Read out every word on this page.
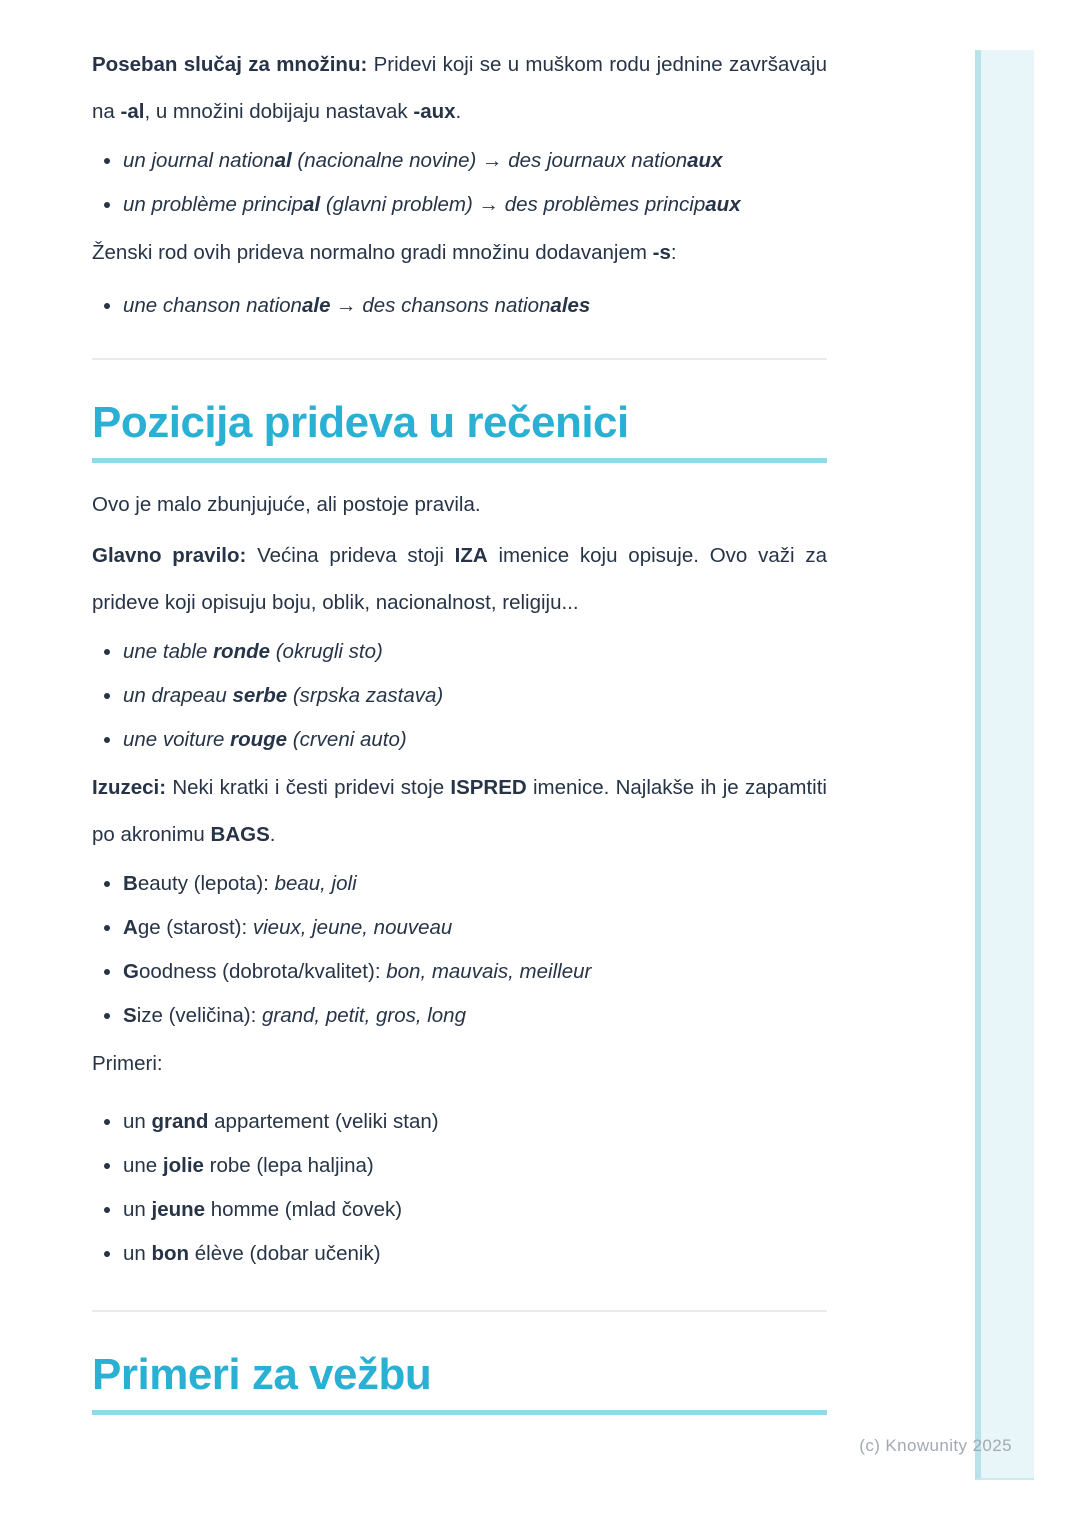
(c) Knowunity 2025

Poseban slučaj za množinu: Pridevi koji se u muškom rodu jednine završavaju na -al, u množini dobijaju nastavak -aux.

un journal national (nacionalne novine) → des journaux nationaux
un problème principal (glavni problem) → des problèmes principaux

Ženski rod ovih prideva normalno gradi množinu dodavanjem -s:

une chanson nationale → des chansons nationales
Pozicija prideva u rečenici

Ovo je malo zbunjujuće, ali postoje pravila.

Glavno pravilo: Većina prideva stoji IZA imenice koju opisuje. Ovo važi za prideve koji opisuju boju, oblik, nacionalnost, religiju...

une table ronde (okrugli sto)
un drapeau serbe (srpska zastava)
une voiture rouge (crveni auto)

Izuzeci: Neki kratki i česti pridevi stoje ISPRED imenice. Najlakše ih je zapamtiti po akronimu BAGS.

Beauty (lepota): beau, joli
Age (starost): vieux, jeune, nouveau
Goodness (dobrota/kvalitet): bon, mauvais, meilleur
Size (veličina): grand, petit, gros, long

Primeri:

un grand appartement (veliki stan)
une jolie robe (lepa haljina)
un jeune homme (mlad čovek)
un bon élève (dobar učenik)
Primeri za vežbu
